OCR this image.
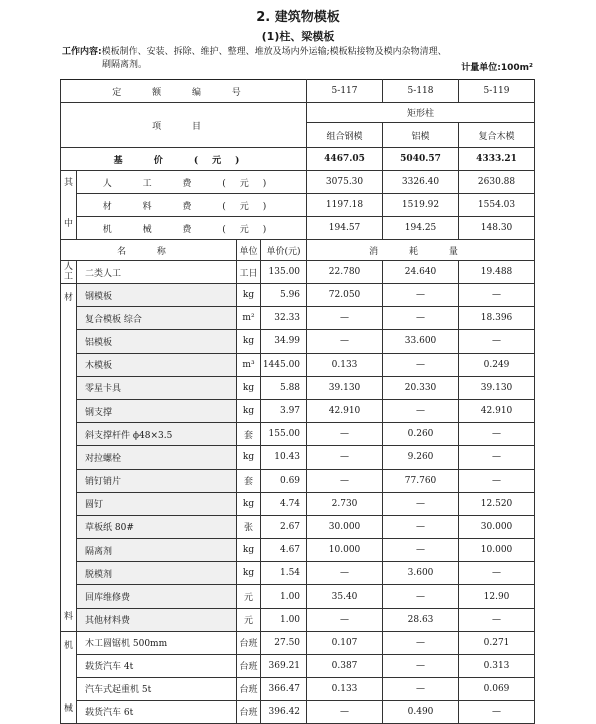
2. 建筑物模板
(1)柱、梁模板
工作内容:模板制作、安装、拆除、维护、整理、堆放及场内外运输;模板粘接物及模内杂物清理、
刷隔离剂。	计量单位:100m²
定 额 编 号				5-117	5-118	5-119
项 目				矩形柱		
				组合钢模	铝模	复合木模
基 价 (元)				4467.05	5040.57	4333.21

其
中	人 工 费 (元)			3075.30	3326.40	2630.88
	材 料 费 (元)			1197.18	1519.92	1554.03
	机 械 费 (元)			194.57	194.25	148.30
名 称		单位	单价(元)	消 耗 量		

人
工	二类人工	工日	135.00	22.780	24.640	19.488

材
料	钢模板	kg	5.96	72.050	—	—
	复合模板 综合	m²	32.33	—	—	18.396
	铝模板	kg	34.99	—	33.600	—
	木模板	m³	1445.00	0.133	—	0.249
	零星卡具	kg	5.88	39.130	20.330	39.130
	钢支撑	kg	3.97	42.910	—	42.910
	斜支撑杆件 ϕ48×3.5	套	155.00	—	0.260	—
	对拉螺栓	kg	10.43	—	9.260	—
	销钉销片	套	0.69	—	77.760	—
	圆钉	kg	4.74	2.730	—	12.520
	草板纸 80#	张	2.67	30.000	—	30.000
	隔离剂	kg	4.67	10.000	—	10.000
	脱模剂	kg	1.54	—	3.600	—
	回库维修费	元	1.00	35.40	—	12.90
	其他材料费	元	1.00	—	28.63	—

机
械	木工圆锯机 500mm	台班	27.50	0.107	—	0.271
	载货汽车 4t	台班	369.21	0.387	—	0.313
	汽车式起重机 5t	台班	366.47	0.133	—	0.069
	载货汽车 6t	台班	396.42	—	0.490	—
